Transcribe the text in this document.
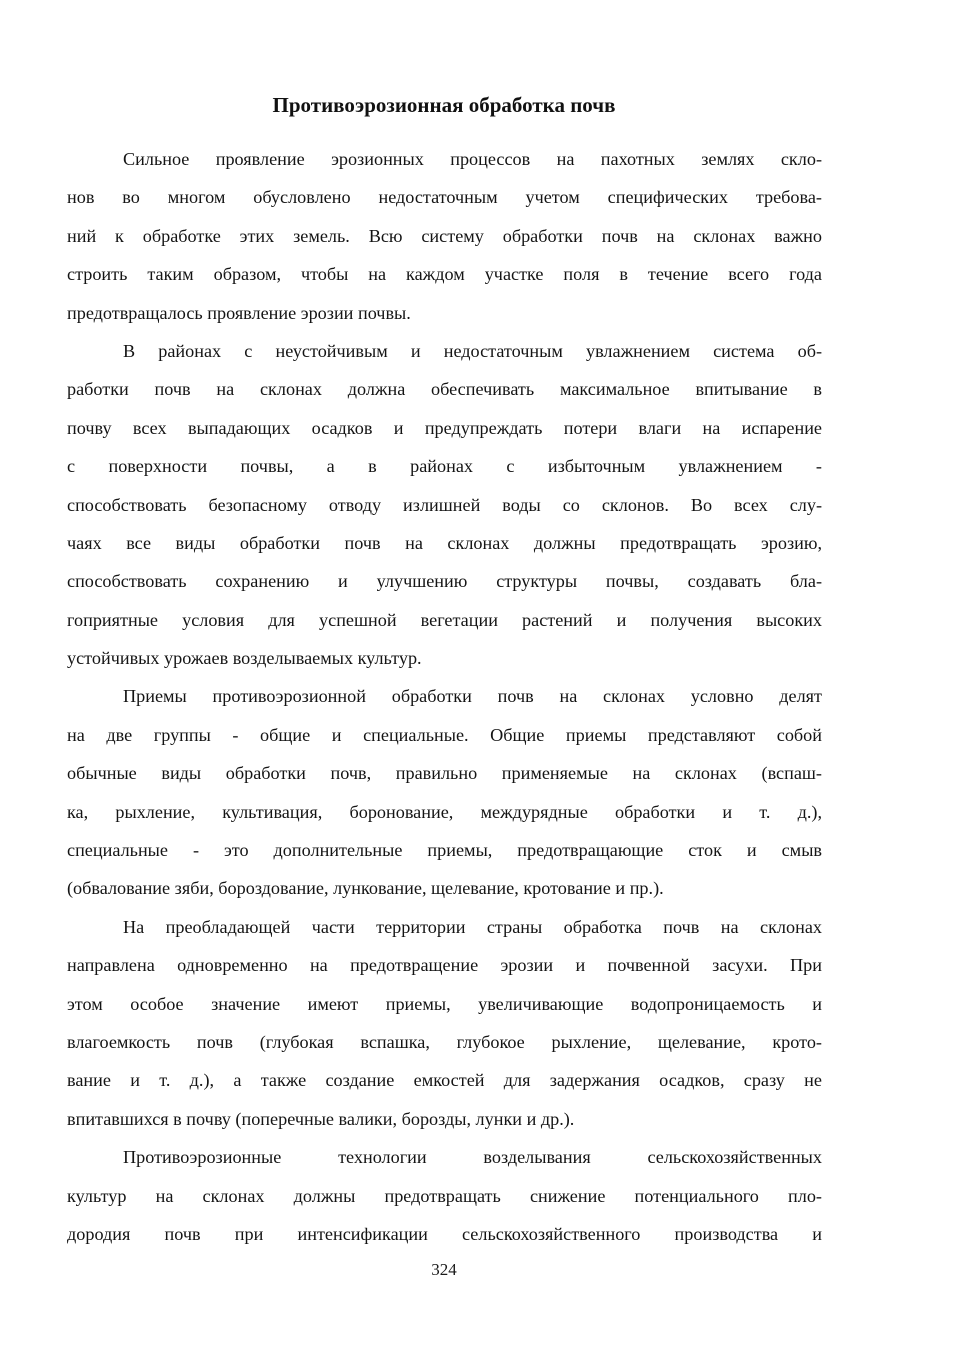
Противоэрозионная обработка почв
Сильное проявление эрозионных процессов на пахотных землях скло-
нов во многом обусловлено недостаточным учетом специфических требова-
ний к обработке этих земель. Всю систему обработки почв на склонах важно
строить таким образом, чтобы на каждом участке поля в течение всего года
предотвращалось проявление эрозии почвы.
В районах с неустойчивым и недостаточным увлажнением система об-
работки почв на склонах должна обеспечивать максимальное впитывание в
почву всех выпадающих осадков и предупреждать потери влаги на испарение
с поверхности почвы, а в районах с избыточным увлажнением -
способствовать безопасному отводу излишней воды со склонов. Во всех слу-
чаях все виды обработки почв на склонах должны предотвращать эрозию,
способствовать сохранению и улучшению структуры почвы, создавать бла-
гоприятные условия для успешной вегетации растений и получения высоких
устойчивых урожаев возделываемых культур.
Приемы противоэрозионной обработки почв на склонах условно делят
на две группы - общие и специальные. Общие приемы представляют собой
обычные виды обработки почв, правильно применяемые на склонах (вспаш-
ка, рыхление, культивация, боронование, междурядные обработки и т. д.),
специальные - это дополнительные приемы, предотвращающие сток и смыв
(обвалование зяби, бороздование, лункование, щелевание, кротование и пр.).
На преобладающей части территории страны обработка почв на склонах
направлена одновременно на предотвращение эрозии и почвенной засухи. При
этом особое значение имеют приемы, увеличивающие водопроницаемость и
влагоемкость почв (глубокая вспашка, глубокое рыхление, щелевание, крото-
вание и т. д.), а также создание емкостей для задержания осадков, сразу не
впитавшихся в почву (поперечные валики, борозды, лунки и др.).
Противоэрозионные технологии возделывания сельскохозяйственных
культур на склонах должны предотвращать снижение потенциального пло-
дородия почв при интенсификации сельскохозяйственного производства и
324
